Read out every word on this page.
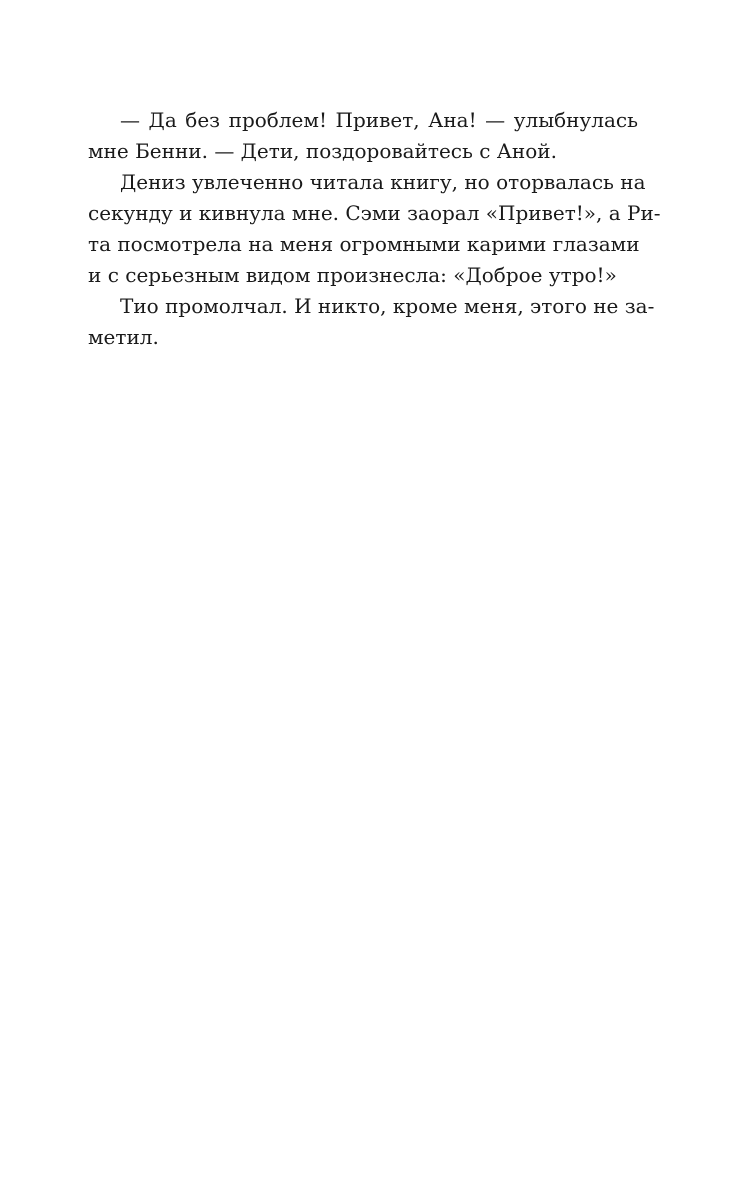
— Да без проблем! Привет, Ана! — улыбнулась
мне Бенни. — Дети, поздоровайтесь с Аной.
Дениз увлеченно читала книгу, но оторвалась на
секунду и кивнула мне. Сэми заорал «Привет!», а Ри-
та посмотрела на меня огромными карими глазами
и с серьезным видом произнесла: «Доброе утро!»
Тио промолчал. И никто, кроме меня, этого не за-
метил.
